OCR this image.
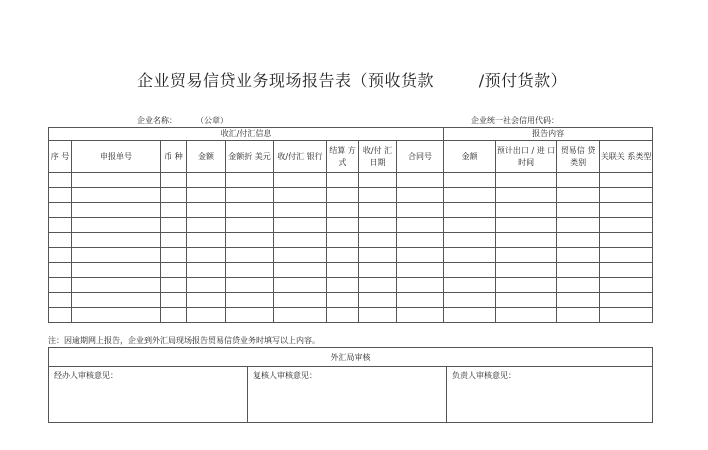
企业贸易信贷业务现场报告表（预收货款        /预付货款）
企业名称： （公章）	企业统一社会信用代码：
收汇/付汇信息									报告内容			
序 号	申报单号	币 种	金额	金额折 美元	收/付汇 银行	结算 方式	收/付 汇 日期	合同号	金额	预计出口 / 进 口时间	贸易信 贷类别	关联关 系类型

注：因逾期网上报告，企业到外汇局现场报告贸易信贷业务时填写以上内容。
外汇局审核
经办人审核意见：	复核人审核意见：	负责人审核意见：
